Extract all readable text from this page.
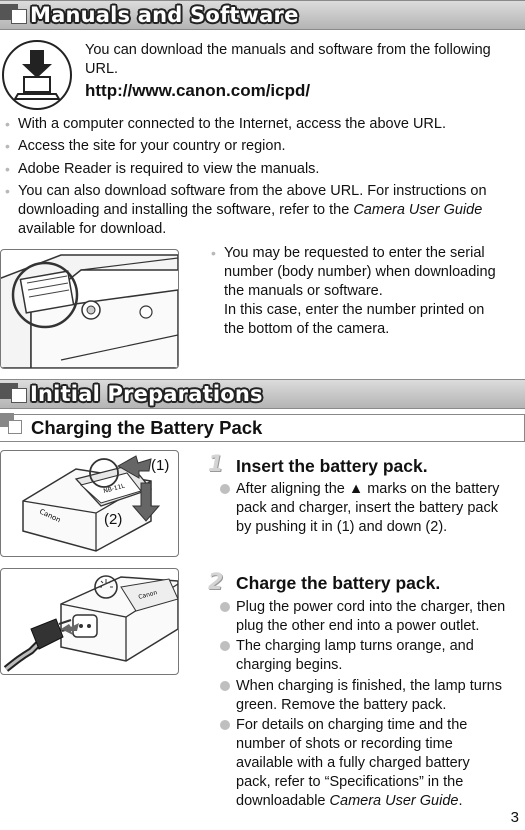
Manuals and Software
You can download the manuals and software from the following URL.
http://www.canon.com/icpd/
• With a computer connected to the Internet, access the above URL.
• Access the site for your country or region.
• Adobe Reader is required to view the manuals.
• You can also download software from the above URL. For instructions on
downloading and installing the software, refer to the Camera User Guide
available for download.
• You may be requested to enter the serial
number (body number) when downloading
the manuals or software.
In this case, enter the number printed on
the bottom of the camera.
Initial Preparations
Charging the Battery Pack
NB-11L
Canon
(1)
(2)
1 Insert the battery pack.
After aligning the ▲ marks on the battery
pack and charger, insert the battery pack
by pushing it in (1) and down (2).
Canon
2 Charge the battery pack.
Plug the power cord into the charger, then
plug the other end into a power outlet.
The charging lamp turns orange, and
charging begins.
When charging is finished, the lamp turns
green. Remove the battery pack.
For details on charging time and the
number of shots or recording time
available with a fully charged battery
pack, refer to “Specifications” in the
downloadable Camera User Guide.
3
